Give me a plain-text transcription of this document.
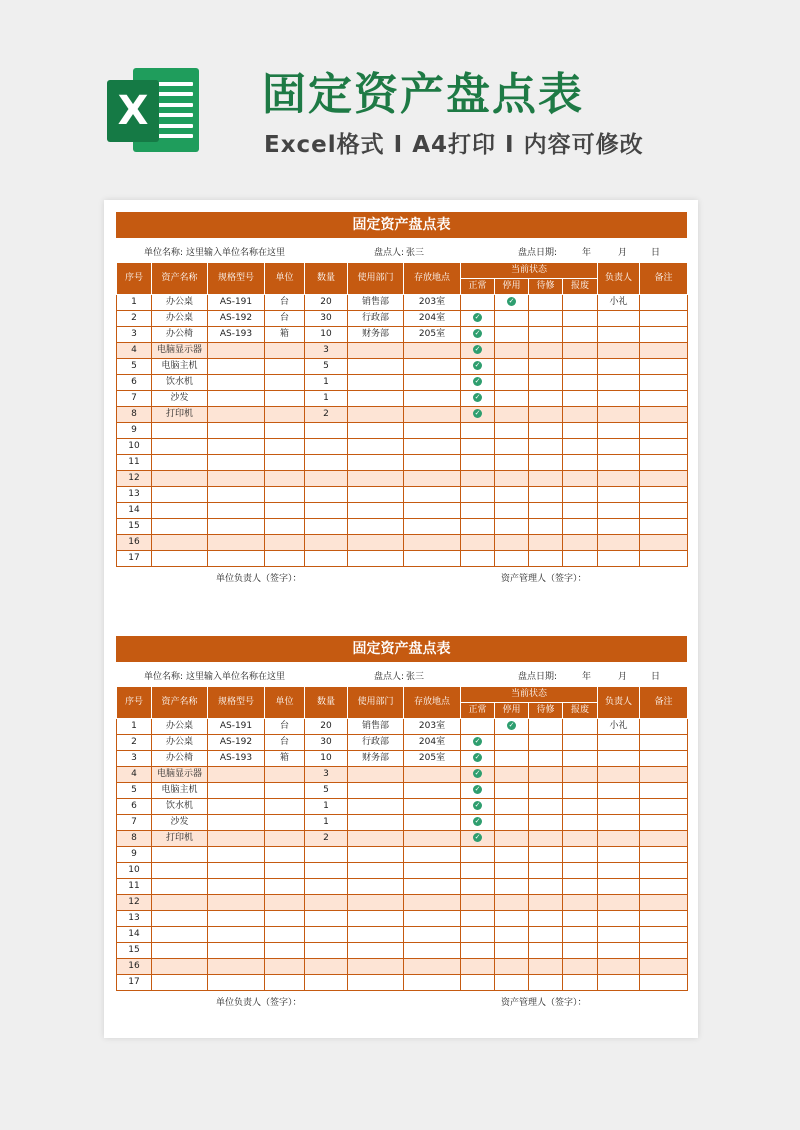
X	固定资产盘点表
Excel格式 I A4打印 I 内容可修改
固定资产盘点表
单位名称: 这里输入单位名称在这里	盘点人: 张三	盘点日期:	年	月	日
序号	资产名称	规格型号	单位	数量	使用部门	存放地点	当前状态				负责人	备注
							正常	停用	待修	报废		
1	办公桌	AS-191	台	20	销售部	203室		✓			小礼	
2	办公桌	AS-192	台	30	行政部	204室	✓					
3	办公椅	AS-193	箱	10	财务部	205室	✓					
4	电脑显示器			3			✓					
5	电脑主机			5			✓					
6	饮水机			1			✓					
7	沙发			1			✓					
8	打印机			2			✓					
9												
10												
11												
12												
13												
14												
15												
16												
17												
单位负责人（签字）：	资产管理人（签字）：
固定资产盘点表
单位名称: 这里输入单位名称在这里	盘点人: 张三	盘点日期:	年	月	日
序号	资产名称	规格型号	单位	数量	使用部门	存放地点	当前状态				负责人	备注
							正常	停用	待修	报废		
1	办公桌	AS-191	台	20	销售部	203室		✓			小礼	
2	办公桌	AS-192	台	30	行政部	204室	✓					
3	办公椅	AS-193	箱	10	财务部	205室	✓					
4	电脑显示器			3			✓					
5	电脑主机			5			✓					
6	饮水机			1			✓					
7	沙发			1			✓					
8	打印机			2			✓					
9												
10												
11												
12												
13												
14												
15												
16												
17												
单位负责人（签字）：	资产管理人（签字）：
